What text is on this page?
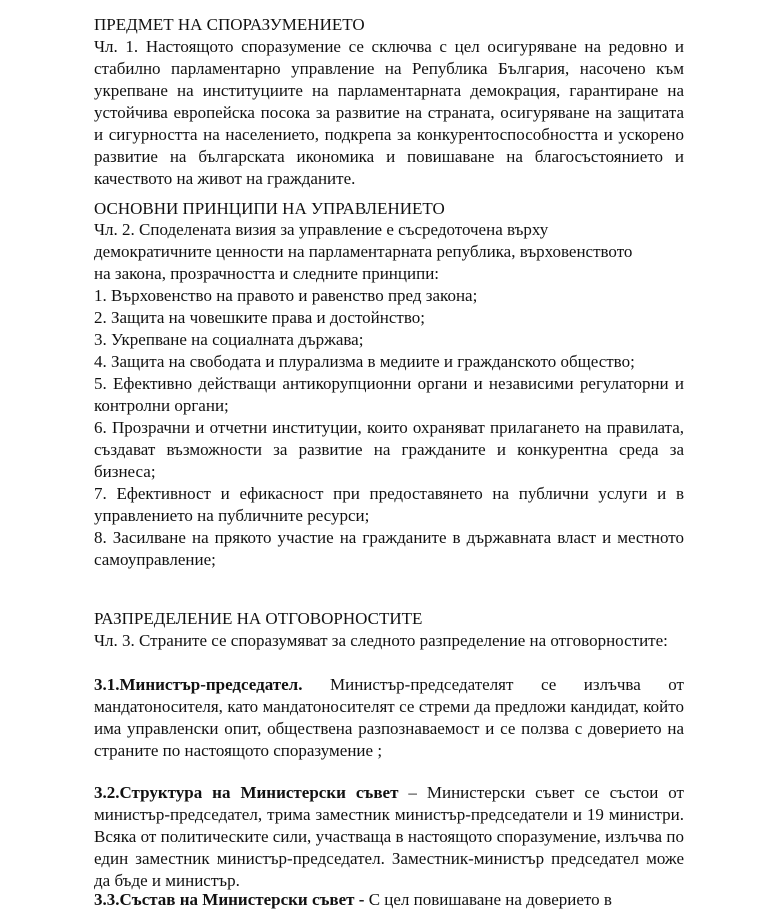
ПРЕДМЕТ НА СПОРАЗУМЕНИЕТО

Чл. 1. Настоящото споразумение се сключва с цел осигуряване на редовно и стабилно парламентарно управление на Република България, насочено към укрепване на институциите на парламентарната демокрация, гарантиране на устойчива европейска посока за развитие на страната, осигуряване на защитата и сигурността на населението, подкрепа за конкурентоспособността и ускорено развитие на българската икономика и повишаване на благосъстоянието и качеството на живот на гражданите.

ОСНОВНИ ПРИНЦИПИ НА УПРАВЛЕНИЕТО

Чл. 2. Споделената визия за управление е съсредоточена върху

демократичните ценности на парламентарната република, върховенството

на закона, прозрачността и следните принципи:

1. Върховенство на правото и равенство пред закона;

2. Защита на човешките права и достойнство;

3. Укрепване на социалната държава;

4. Защита на свободата и плурализма в медиите и гражданското общество;

5. Ефективно действащи антикорупционни органи и независими регулаторни и контролни органи;

6. Прозрачни и отчетни институции, които охраняват прилагането на правилата, създават възможности за развитие на гражданите и конкурентна среда за бизнеса;

7. Ефективност и ефикасност при предоставянето на публични услуги и в управлението на публичните ресурси;

8. Засилване на прякото участие на гражданите в държавната власт и местното самоуправление;

РАЗПРЕДЕЛЕНИЕ НА ОТГОВОРНОСТИТЕ

Чл. 3. Страните се споразумяват за следното разпределение на отговорностите:

3.1.Министър-председател. Министър-председателят се излъчва от мандатоносителя, като мандатоносителят се стреми да предложи кандидат, който има управленски опит, обществена разпознаваемост и се ползва с доверието на страните по настоящото споразумение ;

3.2.Структура на Министерски съвет – Министерски съвет се състои от министър-председател, трима заместник министър-председатели и 19 министри. Всяка от политическите сили, участваща в настоящото споразумение, излъчва по един заместник министър-председател. Заместник-министър председател може да бъде и министър.

3.3.Състав на Министерски съвет - С цел повишаване на доверието в
